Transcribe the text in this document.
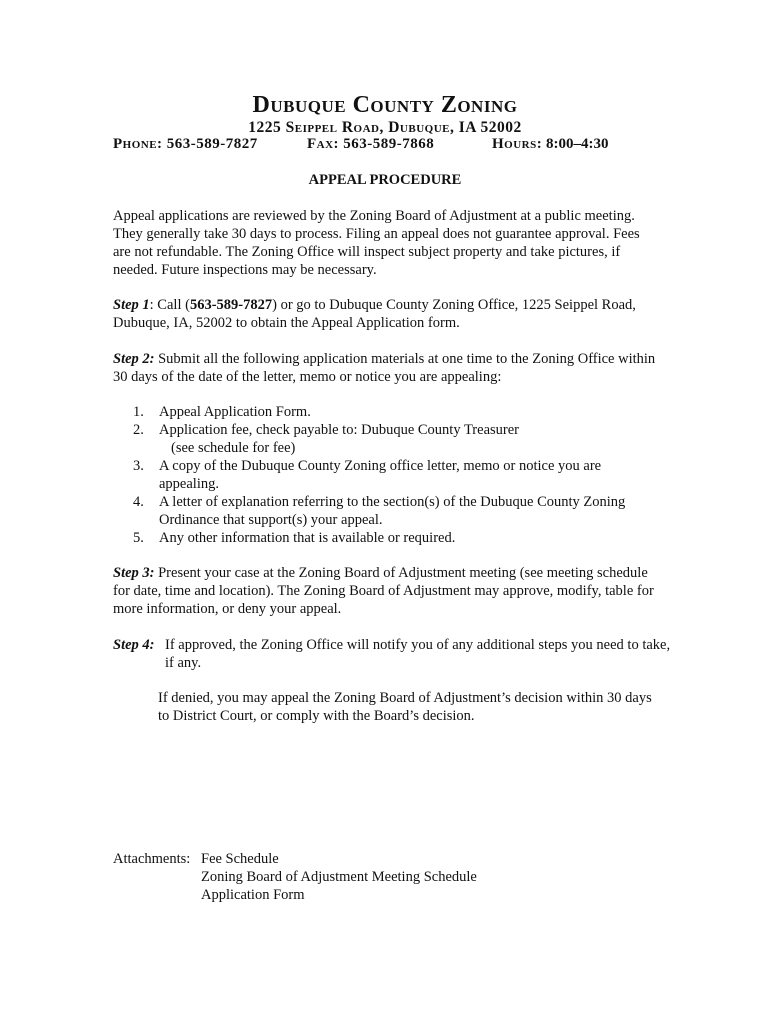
Dubuque County Zoning
1225 Seippel Road, Dubuque, IA 52002
Phone: 563-589-7827	Fax: 563-589-7868	Hours: 8:00–4:30
APPEAL PROCEDURE

Appeal applications are reviewed by the Zoning Board of Adjustment at a public meeting. They generally take 30 days to process. Filing an appeal does not guarantee approval. Fees are not refundable. The Zoning Office will inspect subject property and take pictures, if needed. Future inspections may be necessary.

Step 1: Call (563-589-7827) or go to Dubuque County Zoning Office, 1225 Seippel Road, Dubuque, IA, 52002 to obtain the Appeal Application form.

Step 2: Submit all the following application materials at one time to the Zoning Office within 30 days of the date of the letter, memo or notice you are appealing:

1. Appeal Application Form.
2. Application fee, check payable to: Dubuque County Treasurer
(see schedule for fee)
3. A copy of the Dubuque County Zoning office letter, memo or notice you are appealing.
4. A letter of explanation referring to the section(s) of the Dubuque County Zoning Ordinance that support(s) your appeal.
5. Any other information that is available or required.

Step 3: Present your case at the Zoning Board of Adjustment meeting (see meeting schedule for date, time and location). The Zoning Board of Adjustment may approve, modify, table for more information, or deny your appeal.

Step 4: If approved, the Zoning Office will notify you of any additional steps you need to take, if any.

If denied, you may appeal the Zoning Board of Adjustment’s decision within 30 days to District Court, or comply with the Board’s decision.

Attachments: Fee Schedule
Zoning Board of Adjustment Meeting Schedule
Application Form
